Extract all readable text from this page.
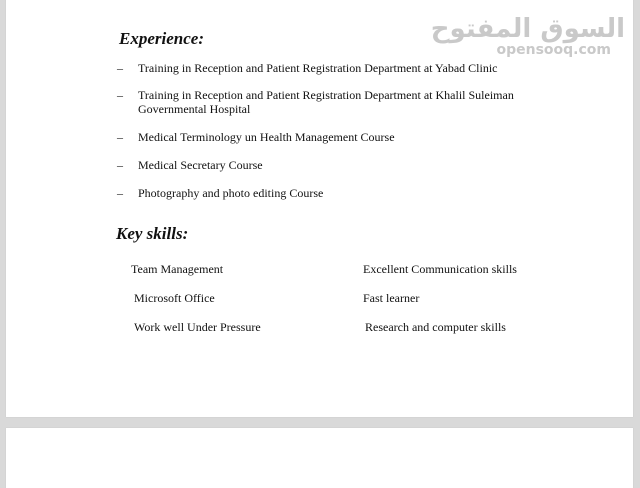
السوق المفتوح
opensooq.com
Experience:
– Training in Reception and Patient Registration Department at Yabad Clinic
– Training in Reception and Patient Registration Department at Khalil Suleiman Governmental Hospital
– Medical Terminology un Health Management Course
– Medical Secretary Course
– Photography and photo editing Course
Key skills:
Team Management
Microsoft Office
Work well Under Pressure
Excellent Communication skills
Fast learner
Research and computer skills
